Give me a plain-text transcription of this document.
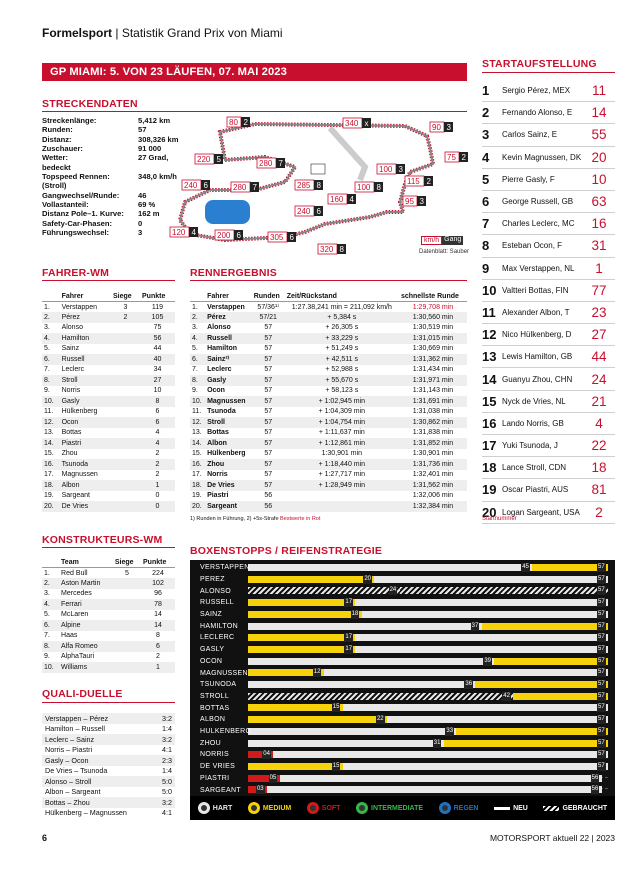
Formelsport | Statistik Grand Prix von Miami
GP MIAMI: 5. VON 23 LÄUFEN, 07. MAI 2023
STRECKENDATEN
Streckenlänge:	5,412 km
Runden:	57
Distanz:	308,326 km
Zuschauer:	91 000
Wetter:	27 Grad, bedeckt
Topspeed Rennen:	348,0 km/h (Stroll)
Gangwechsel/Runde: 46
Vollastanteil:	69 %
Distanz Pole–1. Kurve: 162 m
Safety-Car-Phasen:	0
Führungswechsel:	3
80 2	340 x	90 3
75 2
220 5	280 7
100 3
115 2
285 8	100 8
160 4	95 3
240 6	280 7
240 6
120 4	200 6	305 6
320 8
km/h Gang
Datenblatt: Sauber
STARTAUFSTELLUNG
1	Sergio Pérez, MEX	11
2	Fernando Alonso, E	14
3	Carlos Sainz, E	55
4	Kevin Magnussen, DK 20
5	Pierre Gasly, F	10
6	George Russell, GB	63
7	Charles Leclerc, MC	16
8	Esteban Ocon, F	31
9	Max Verstappen, NL	1
10 Valtteri Bottas, FIN	77
11 Alexander Albon, T	23
12 Nico Hülkenberg, D	27
13 Lewis Hamilton, GB	44
14 Guanyu Zhou, CHN	24
15 Nyck de Vries, NL	21
16 Lando Norris, GB	4
17 Yuki Tsunoda, J	22
18 Lance Stroll, CDN	18
19 Oscar Piastri, AUS	81
20 Logan Sargeant, USA	2
Startnummer
FAHRER-WM
	Fahrer	Siege	Punkte
1.	Verstappen	3	119
2.	Pérez	2	105
3.	Alonso		75
4.	Hamilton		56
5.	Sainz		44
6.	Russell		40
7.	Leclerc		34
8.	Stroll		27
9.	Norris		10
10.	Gasly		8
11.	Hülkenberg		6
12.	Ocon		6
13.	Bottas		4
14.	Piastri		4
15.	Zhou		2
16.	Tsunoda		2
17.	Magnussen		2
18.	Albon		1
19.	Sargeant		0
20.	De Vries		0
RENNERGEBNIS
	Fahrer	Runden	Zeit/Rückstand	schnellste Runde
1.	Verstappen	57/36¹⁾	1:27.38,241 min = 211,092 km/h	1:29,708 min
2.	Pérez	57/21	+ 5,384 s	1:30,560 min
3.	Alonso	57	+ 26,305 s	1:30,519 min
4.	Russell	57	+ 33,229 s	1:31,015 min
5.	Hamilton	57	+ 51,249 s	1:30,669 min
6.	Sainz²⁾	57	+ 42,511 s	1:31,362 min
7.	Leclerc	57	+ 52,988 s	1:31,434 min
8.	Gasly	57	+ 55,670 s	1:31,971 min
9.	Ocon	57	+ 58,123 s	1:31,143 min
10.	Magnussen	57	+ 1:02,945 min	1:31,691 min
11.	Tsunoda	57	+ 1:04,309 min	1:31,038 min
12.	Stroll	57	+ 1:04,754 min	1:30,862 min
13.	Bottas	57	+ 1:11,637 min	1:31,838 min
14.	Albon	57	+ 1:12,861 min	1:31,852 min
15.	Hülkenberg	57	1:30,901 min	1:30,901 min
16.	Zhou	57	+ 1:18,440 min	1:31,736 min
17.	Norris	57	+ 1:27,717 min	1:32,401 min
18.	De Vries	57	+ 1:28,949 min	1:31,562 min
19.	Piastri	56		1:32,006 min
20.	Sargeant	56		1:32,384 min
1) Runden in Führung, 2) +5s-Strafe Bestwerte in Rot
KONSTRUKTEURS-WM
	Team	Siege	Punkte
1.	Red Bull	5	224
2.	Aston Martin		102
3.	Mercedes		96
4.	Ferrari		78
5.	McLaren		14
6.	Alpine		14
7.	Haas		8
8.	Alfa Romeo		6
9.	AlphaTauri		2
10.	Williams		1
QUALI-DUELLE
Verstappen – Pérez	3:2
Hamilton – Russell	1:4
Leclerc – Sainz	3:2
Norris – Piastri	4:1
Gasly – Ocon	2:3
De Vries – Tsunoda	1:4
Alonso – Stroll	5:0
Albon – Sargeant	5:0
Bottas – Zhou	3:2
Hülkenberg – Magnussen	4:1
BOXENSTOPPS / REIFENSTRATEGIE
VERSTAPPEN	45	57
PEREZ	20	57
ALONSO	24	57
RUSSELL	17	57
SAINZ	18	57
HAMILTON	37	57
LECLERC	17	57
GASLY	17	57
OCON	39	57
MAGNUSSEN	12	57
TSUNODA	36	57
STROLL	42	57
BOTTAS	15	57
ALBON	22	57
HULKENBERG	33	57
ZHOU	31	57
NORRIS	04	57
DE VRIES	15	57
PIASTRI	05	56
SARGEANT	03	56
HART	MEDIUM	SOFT	INTERMEDIATE	REGEN	NEU	GEBRAUCHT
6	MOTORSPORT aktuell 22 | 2023
